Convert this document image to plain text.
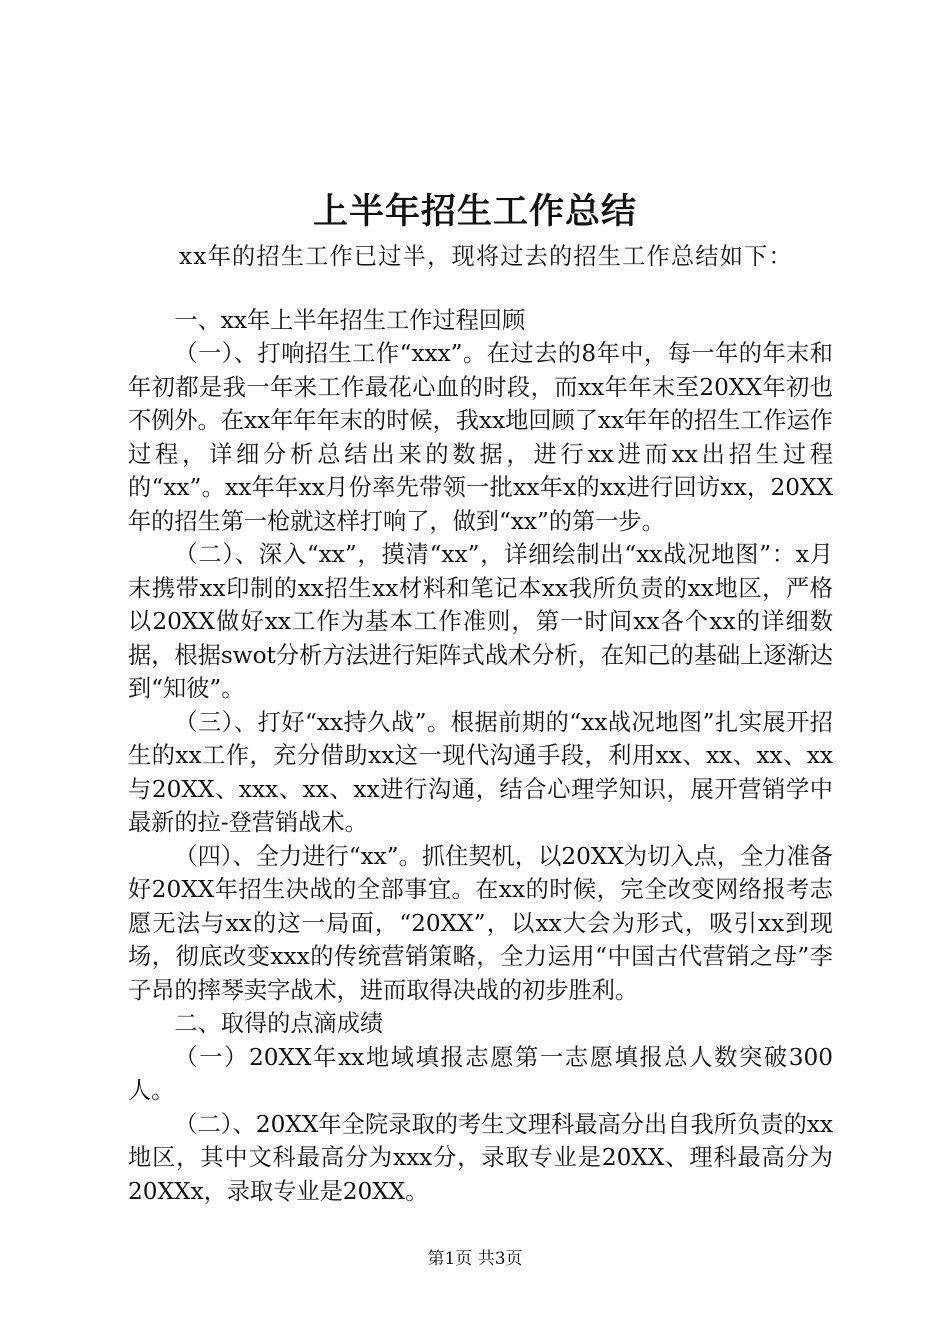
上半年招生工作总结

xx年的招生工作已过半，现将过去的招生工作总结如下：

一、xx年上半年招生工作过程回顾

（一）、打响招生工作“xxx”。在过去的8年中，每一年的年末和年初都是我一年来工作最花心血的时段，而xx年年末至20XX年初也不例外。在xx年年年末的时候，我xx地回顾了xx年年的招生工作运作过程，详细分析总结出来的数据，进行xx进而xx出招生过程的“xx”。xx年年xx月份率先带领一批xx年x的xx进行回访xx，20XX年的招生第一枪就这样打响了，做到“xx”的第一步。

（二）、深入“xx”，摸清“xx”，详细绘制出“xx战况地图”：x月末携带xx印制的xx招生xx材料和笔记本xx我所负责的xx地区，严格以20XX做好xx工作为基本工作准则，第一时间xx各个xx的详细数据，根据swot分析方法进行矩阵式战术分析，在知己的基础上逐渐达到“知彼”。

（三）、打好“xx持久战”。根据前期的“xx战况地图”扎实展开招生的xx工作，充分借助xx这一现代沟通手段，利用xx、xx、xx、xx与20XX、xxx、xx、xx进行沟通，结合心理学知识，展开营销学中最新的拉-登营销战术。

（四）、全力进行“xx”。抓住契机，以20XX为切入点，全力准备好20XX年招生决战的全部事宜。在xx的时候，完全改变网络报考志愿无法与xx的这一局面，“20XX”，以xx大会为形式，吸引xx到现场，彻底改变xxx的传统营销策略，全力运用“中国古代营销之母”李子昂的摔琴卖字战术，进而取得决战的初步胜利。

二、取得的点滴成绩

（一）20XX年xx地域填报志愿第一志愿填报总人数突破300人。

（二）、20XX年全院录取的考生文理科最高分出自我所负责的xx地区，其中文科最高分为xxx分，录取专业是20XX、理科最高分为20XXx，录取专业是20XX。

第1页 共3页
